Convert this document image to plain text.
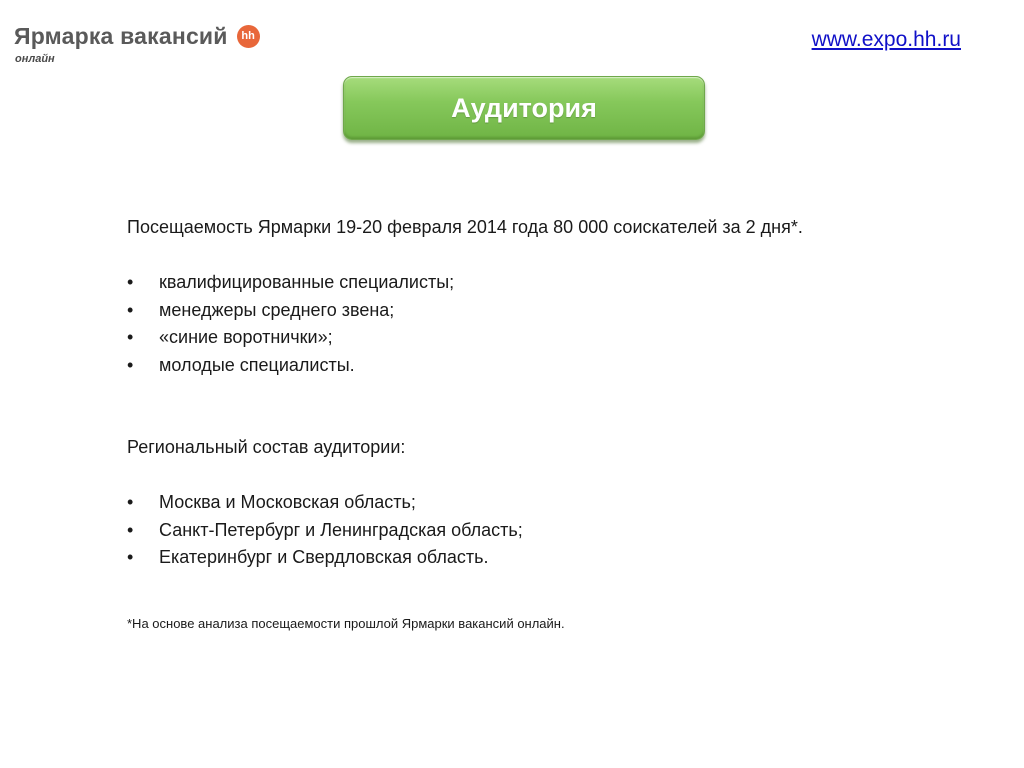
Ярмарка вакансий	hh
онлайн
www.expo.hh.ru
Аудитория

Посещаемость Ярмарки 19-20 февраля 2014 года 80 000 соискателей за 2 дня*.

• квалифицированные специалисты;
• менеджеры среднего звена;
• «синие воротнички»;
• молодые специалисты.

Региональный состав аудитории:

• Москва и Московская область;
• Санкт-Петербург и Ленинградская область;
• Екатеринбург и Свердловская область.

*На основе анализа посещаемости прошлой Ярмарки вакансий онлайн.
